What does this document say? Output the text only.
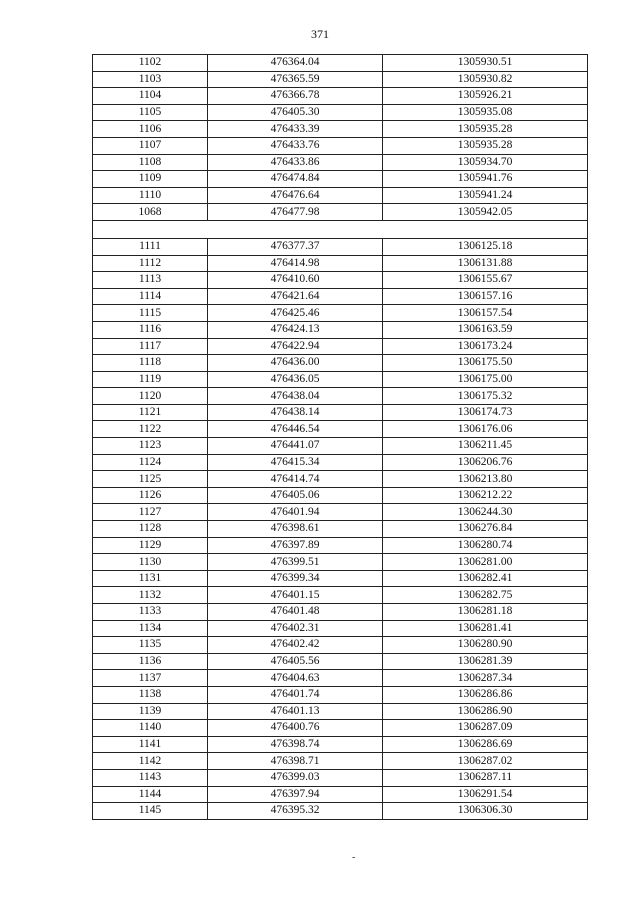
371
1102	476364.04	1305930.51
1103	476365.59	1305930.82
1104	476366.78	1305926.21
1105	476405.30	1305935.08
1106	476433.39	1305935.28
1107	476433.76	1305935.28
1108	476433.86	1305934.70
1109	476474.84	1305941.76
1110	476476.64	1305941.24
1068	476477.98	1305942.05

1111	476377.37	1306125.18
1112	476414.98	1306131.88
1113	476410.60	1306155.67
1114	476421.64	1306157.16
1115	476425.46	1306157.54
1116	476424.13	1306163.59
1117	476422.94	1306173.24
1118	476436.00	1306175.50
1119	476436.05	1306175.00
1120	476438.04	1306175.32
1121	476438.14	1306174.73
1122	476446.54	1306176.06
1123	476441.07	1306211.45
1124	476415.34	1306206.76
1125	476414.74	1306213.80
1126	476405.06	1306212.22
1127	476401.94	1306244.30
1128	476398.61	1306276.84
1129	476397.89	1306280.74
1130	476399.51	1306281.00
1131	476399.34	1306282.41
1132	476401.15	1306282.75
1133	476401.48	1306281.18
1134	476402.31	1306281.41
1135	476402.42	1306280.90
1136	476405.56	1306281.39
1137	476404.63	1306287.34
1138	476401.74	1306286.86
1139	476401.13	1306286.90
1140	476400.76	1306287.09
1141	476398.74	1306286.69
1142	476398.71	1306287.02
1143	476399.03	1306287.11
1144	476397.94	1306291.54
1145	476395.32	1306306.30
-
